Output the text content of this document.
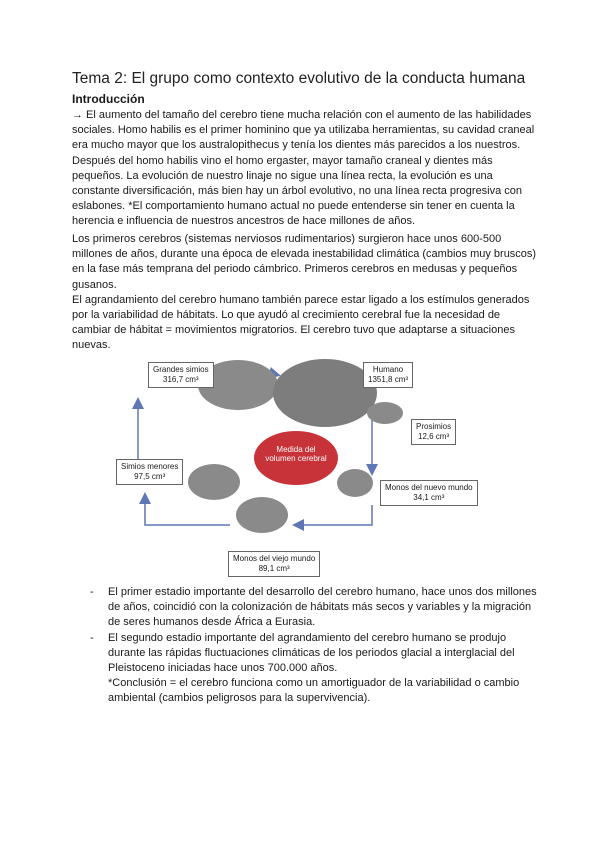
Tema 2: El grupo como contexto evolutivo de la conducta humana
Introducción

→ El aumento del tamaño del cerebro tiene mucha relación con el aumento de las habilidades sociales. Homo habilis es el primer hominino que ya utilizaba herramientas, su cavidad craneal era mucho mayor que los australopithecus y tenía los dientes más parecidos a los nuestros. Después del homo habilis vino el homo ergaster, mayor tamaño craneal y dientes más pequeños. La evolución de nuestro linaje no sigue una línea recta, la evolución es una constante diversificación, más bien hay un árbol evolutivo, no una línea recta progresiva con eslabones. *El comportamiento humano actual no puede entenderse sin tener en cuenta la herencia e influencia de nuestros ancestros de hace millones de años.

Los primeros cerebros (sistemas nerviosos rudimentarios) surgieron hace unos 600-500 millones de años, durante una época de elevada inestabilidad climática (cambios muy bruscos) en la fase más temprana del periodo cámbrico. Primeros cerebros en medusas y pequeños gusanos.

El agrandamiento del cerebro humano también parece estar ligado a los estímulos generados por la variabilidad de hábitats. Lo que ayudó al crecimiento cerebral fue la necesidad de cambiar de hábitat = movimientos migratorios. El cerebro tuvo que adaptarse a situaciones nuevas.

Medida del
volumen cerebral
Grandes simios
316,7 cm³
Humano
1351,8 cm³
Prosimios
12,6 cm³
Monos del nuevo mundo
34,1 cm³
Monos del viejo mundo
89,1 cm³
Simios menores
97,5 cm³
- El primer estadio importante del desarrollo del cerebro humano, hace unos dos millones de años, coincidió con la colonización de hábitats más secos y variables y la migración de seres humanos desde África a Eurasia.
- El segundo estadio importante del agrandamiento del cerebro humano se produjo durante las rápidas fluctuaciones climáticas de los periodos glacial a interglacial del Pleistoceno iniciadas hace unos 700.000 años.
*Conclusión = el cerebro funciona como un amortiguador de la variabilidad o cambio ambiental (cambios peligrosos para la supervivencia).
